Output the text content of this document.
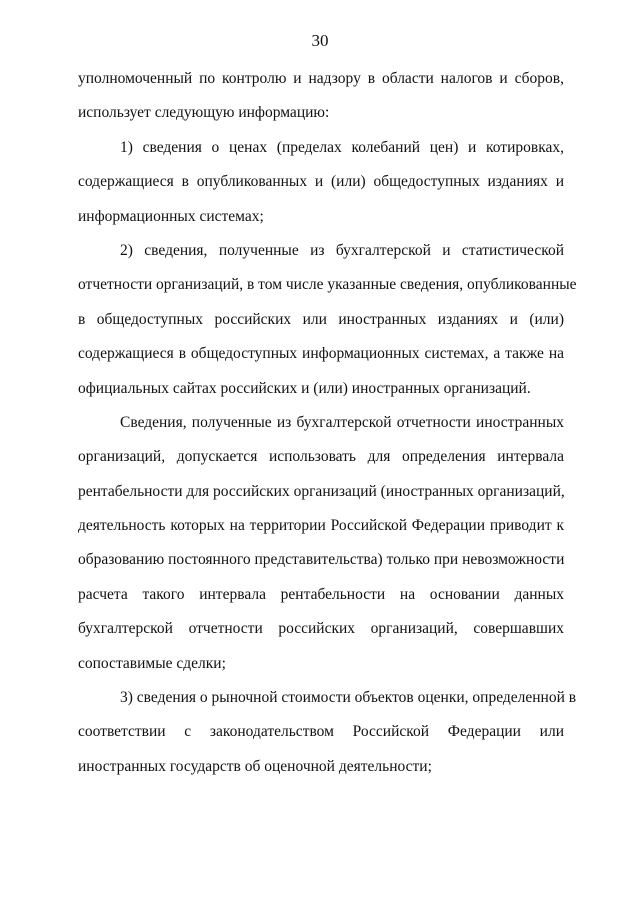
30
уполномоченный по контролю и надзору в области налогов и сборов,
использует следующую информацию:
1) сведения о ценах (пределах колебаний цен) и котировках,
содержащиеся в опубликованных и (или) общедоступных изданиях и
информационных системах;
2) сведения, полученные из бухгалтерской и статистической
отчетности организаций, в том числе указанные сведения, опубликованные
в общедоступных российских или иностранных изданиях и (или)
содержащиеся в общедоступных информационных системах, а также на
официальных сайтах российских и (или) иностранных организаций.
Сведения, полученные из бухгалтерской отчетности иностранных
организаций, допускается использовать для определения интервала
рентабельности для российских организаций (иностранных организаций,
деятельность которых на территории Российской Федерации приводит к
образованию постоянного представительства) только при невозможности
расчета такого интервала рентабельности на основании данных
бухгалтерской отчетности российских организаций, совершавших
сопоставимые сделки;
3) сведения о рыночной стоимости объектов оценки, определенной в
соответствии с законодательством Российской Федерации или
иностранных государств об оценочной деятельности;
